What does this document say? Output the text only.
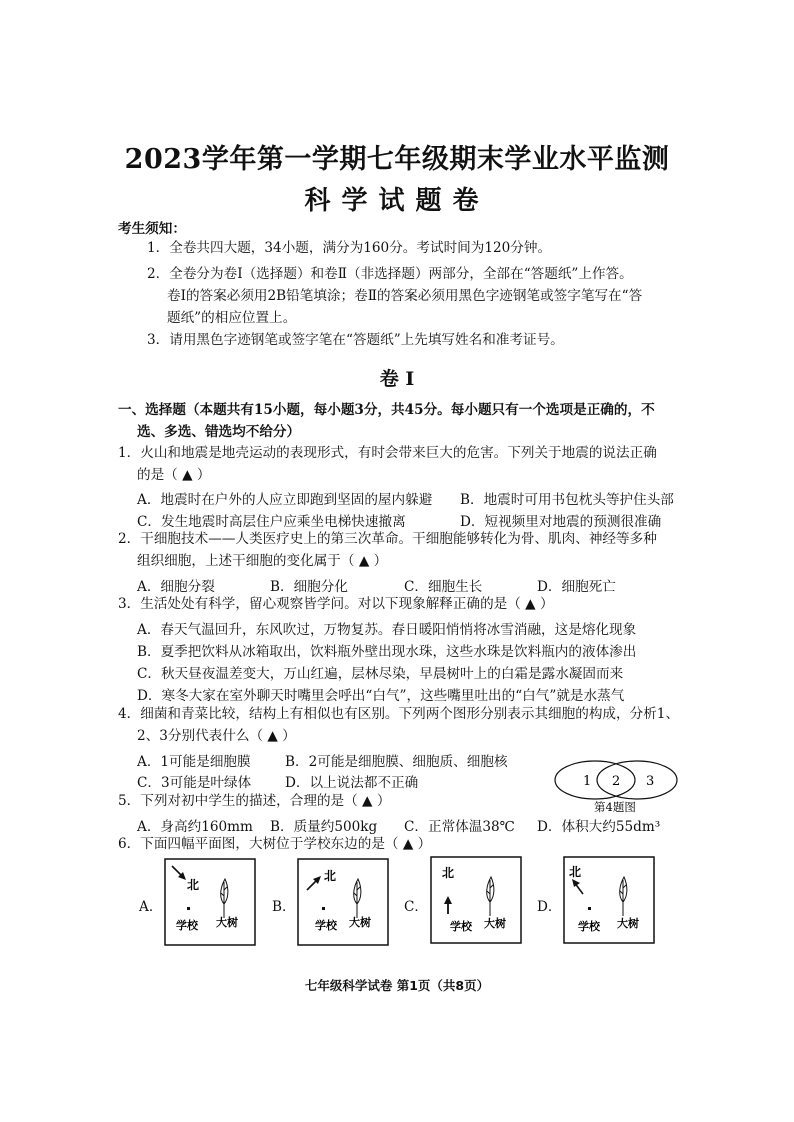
2023学年第一学期七年级期末学业水平监测
科学试题卷
考生须知：
1．全卷共四大题，34小题，满分为160分。考试时间为120分钟。
2．全卷分为卷Ⅰ（选择题）和卷Ⅱ（非选择题）两部分，全部在“答题纸”上作答。
卷Ⅰ的答案必须用2B铅笔填涂；卷Ⅱ的答案必须用黑色字迹钢笔或签字笔写在“答
题纸”的相应位置上。
3．请用黑色字迹钢笔或签字笔在“答题纸”上先填写姓名和准考证号。
卷 Ⅰ
一、选择题（本题共有15小题，每小题3分，共45分。每小题只有一个选项是正确的，不
选、多选、错选均不给分）
1．火山和地震是地壳运动的表现形式，有时会带来巨大的危害。下列关于地震的说法正确
的是（ ▲ ）
A．地震时在户外的人应立即跑到坚固的屋内躲避 B．地震时可用书包枕头等护住头部
C．发生地震时高层住户应乘坐电梯快速撤离	D．短视频里对地震的预测很准确
2．干细胞技术——人类医疗史上的第三次革命。干细胞能够转化为骨、肌肉、神经等多种
组织细胞，上述干细胞的变化属于（ ▲ ）
A．细胞分裂	B．细胞分化	C．细胞生长	D．细胞死亡
3．生活处处有科学，留心观察皆学问。对以下现象解释正确的是（ ▲ ）
A．春天气温回升，东风吹过，万物复苏。春日暖阳悄悄将冰雪消融，这是熔化现象
B．夏季把饮料从冰箱取出，饮料瓶外壁出现水珠，这些水珠是饮料瓶内的液体渗出
C．秋天昼夜温差变大，万山红遍，层林尽染，早晨树叶上的白霜是露水凝固而来
D．寒冬大家在室外聊天时嘴里会呼出“白气”，这些嘴里吐出的“白气”就是水蒸气
4．细菌和青菜比较，结构上有相似也有区别。下列两个图形分别表示其细胞的构成，分析1、
2、3分别代表什么（ ▲ ）
A．1可能是细胞膜	B．2可能是细胞膜、细胞质、细胞核
C．3可能是叶绿体 D．以上说法都不正确	1 2 3
第4题图
5．下列对初中学生的描述，合理的是（ ▲ ）
A．身高约160mm B．质量约500kg C．正常体温38℃ D．体积大约55dm³
6．下面四幅平面图，大树位于学校东边的是（ ▲ ）
A．
北
学校 大树
B．
北
学校 大树
C．
北
学校 大树
D．
北
学校 大树
七年级科学试卷 第1页（共8页）
